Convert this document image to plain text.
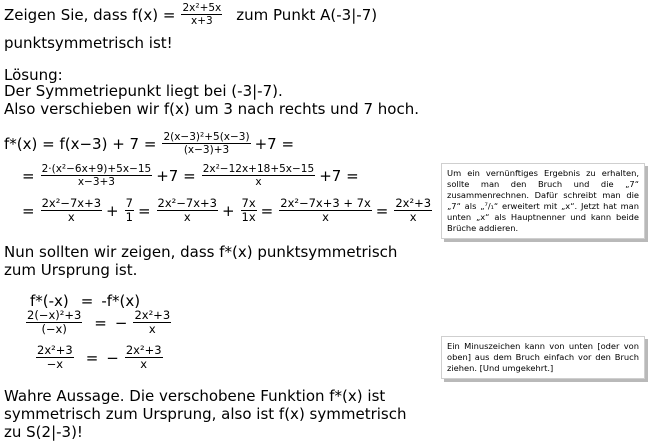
Zeigen Sie, dass $f(x) = \frac{\text{2x²+5x}}{x+3}$ zum Punkt A(-3|-7)
punktsymmetrisch ist!
Lösung:
Der Symmetriepunkt liegt bei (-3|-7).
Also verschieben wir f(x) um 3 nach rechts und 7 hoch.
$f*(x) = f(x-3) + 7 = \frac{\text{2(x−3)²+5(x−3)}}{(x-3)+3} +7$ =
= $\frac{\text{2·(x²−6x+9)+5x−15}}{x-3+3} +7 = \frac{\text{2x²−12x+18+5x−15}}{x} +7$ =
= $\frac{\text{2x²−7x+3}}{x} + \frac{7}{1} = \frac{\text{2x²−7x+3}}{x} + \frac{7x}{1x} = \frac{\text{2x²−7x+3 + 7x}}{x} = \frac{\text{2x²+3}}{x}$
Um ein vernünftiges Ergebnis zu erhalten, sollte man den Bruch und die „7“ zusammenrechnen. Dafür schreibt man die „7“ als „⁷/₁“ erweitert mit „x“. Jetzt hat man unten „x“ als Hauptnenner und kann beide Brüche addieren.
Nun sollten wir zeigen, dass f*(x) punktsymmetrisch
zum Ursprung ist.
f*(-x) = -f*(x)
$\frac{\text{2(−x)²+3}}{(-x)}$ = − $\frac{\text{2x²+3}}{x}$
$\frac{\text{2x²+3}}{-x}$ = − $\frac{\text{2x²+3}}{x}$	Ein Minuszeichen kann von unten [oder von oben] aus dem Bruch einfach vor den Bruch ziehen. [Und umgekehrt.]
Wahre Aussage. Die verschobene Funktion f*(x) ist
symmetrisch zum Ursprung, also ist f(x) symmetrisch
zu S(2|-3)!
